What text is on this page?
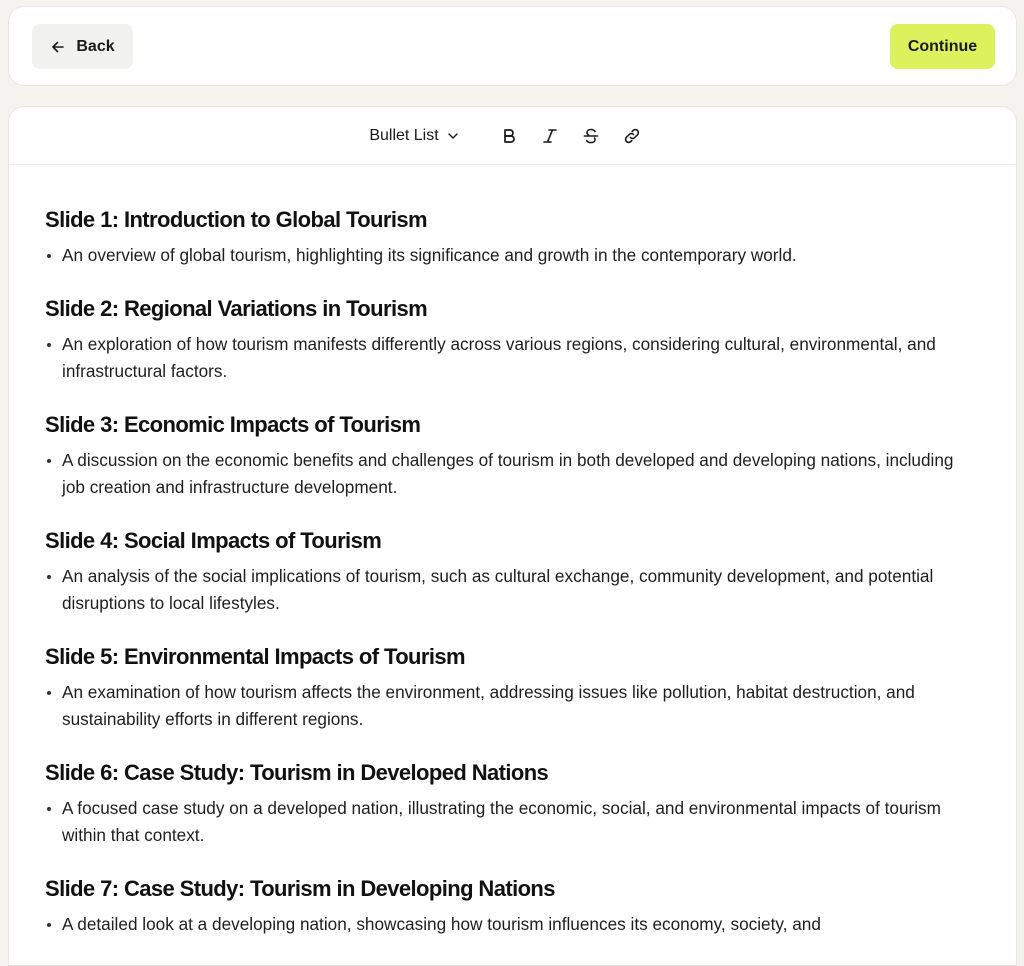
Back	Continue
Bullet List
Slide 1: Introduction to Global Tourism
An overview of global tourism, highlighting its significance and growth in the contemporary world.
Slide 2: Regional Variations in Tourism
An exploration of how tourism manifests differently across various regions, considering cultural, environmental, and infrastructural factors.
Slide 3: Economic Impacts of Tourism
A discussion on the economic benefits and challenges of tourism in both developed and developing nations, including job creation and infrastructure development.
Slide 4: Social Impacts of Tourism
An analysis of the social implications of tourism, such as cultural exchange, community development, and potential disruptions to local lifestyles.
Slide 5: Environmental Impacts of Tourism
An examination of how tourism affects the environment, addressing issues like pollution, habitat destruction, and sustainability efforts in different regions.
Slide 6: Case Study: Tourism in Developed Nations
A focused case study on a developed nation, illustrating the economic, social, and environmental impacts of tourism within that context.
Slide 7: Case Study: Tourism in Developing Nations
A detailed look at a developing nation, showcasing how tourism influences its economy, society, and
